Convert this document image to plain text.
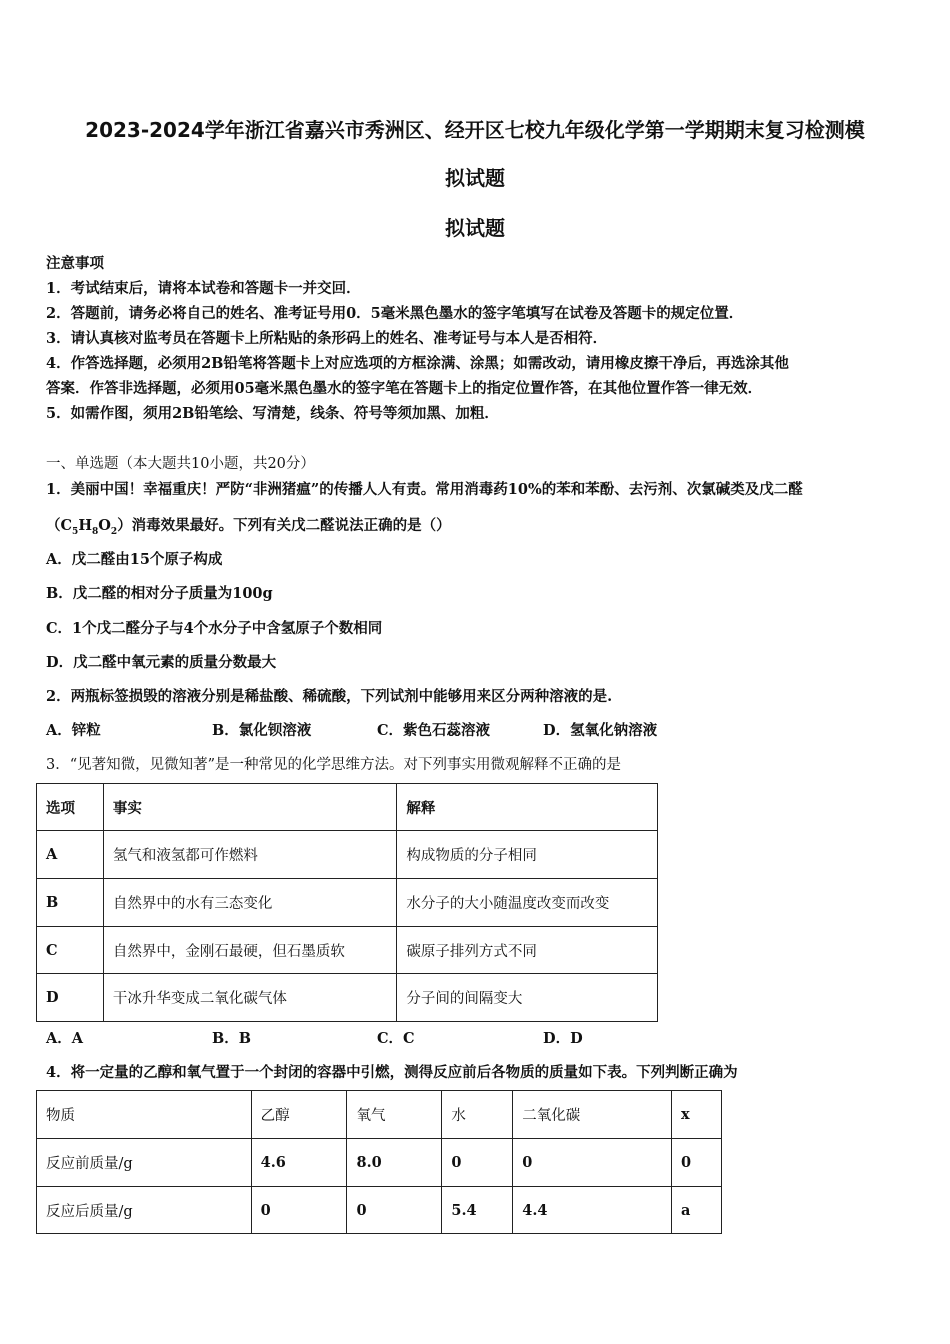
2023-2024学年浙江省嘉兴市秀洲区、经开区七校九年级化学第一学期期末复习检测模
拟试题
拟试题
注意事项
1．考试结束后，请将本试卷和答题卡一并交回．
2．答题前，请务必将自己的姓名、准考证号用0．5毫米黑色墨水的签字笔填写在试卷及答题卡的规定位置．
3．请认真核对监考员在答题卡上所粘贴的条形码上的姓名、准考证号与本人是否相符．
4．作答选择题，必须用2B铅笔将答题卡上对应选项的方框涂满、涂黑；如需改动，请用橡皮擦干净后，再选涂其他
答案．作答非选择题，必须用05毫米黑色墨水的签字笔在答题卡上的指定位置作答，在其他位置作答一律无效．
5．如需作图，须用2B铅笔绘、写清楚，线条、符号等须加黑、加粗．
一、单选题（本大题共10小题，共20分）
1．美丽中国！幸福重庆！严防“非洲猪瘟”的传播人人有责。常用消毒药10%的苯和苯酚、去污剂、次氯碱类及戊二醛
$(C_5H_8O_2)$消毒效果最好。下列有关戊二醛说法正确的是（）
A．戊二醛由15个原子构成
B．戊二醛的相对分子质量为100g
C．1个戊二醛分子与4个水分子中含氢原子个数相同
D．戊二醛中氧元素的质量分数最大
2．两瓶标签损毁的溶液分别是稀盐酸、稀硫酸，下列试剂中能够用来区分两种溶液的是.
A．锌粒	B．氯化钡溶液	C．紫色石蕊溶液	D．氢氧化钠溶液
3．“见著知微，见微知著”是一种常见的化学思维方法。对下列事实用微观解释不正确的是
选项	事实	解释
A	氢气和液氢都可作燃料	构成物质的分子相同
B	自然界中的水有三态变化	水分子的大小随温度改变而改变
C	自然界中，金刚石最硬，但石墨质软	碳原子排列方式不同
D	干冰升华变成二氧化碳气体	分子间的间隔变大
A．A	B．B	C．C	D．D
4．将一定量的乙醇和氧气置于一个封闭的容器中引燃，测得反应前后各物质的质量如下表。下列判断正确为
物质	乙醇	氧气	水	二氧化碳	x
反应前质量/g	4.6	8.0	0	0	0
反应后质量/g	0	0	5.4	4.4	a
